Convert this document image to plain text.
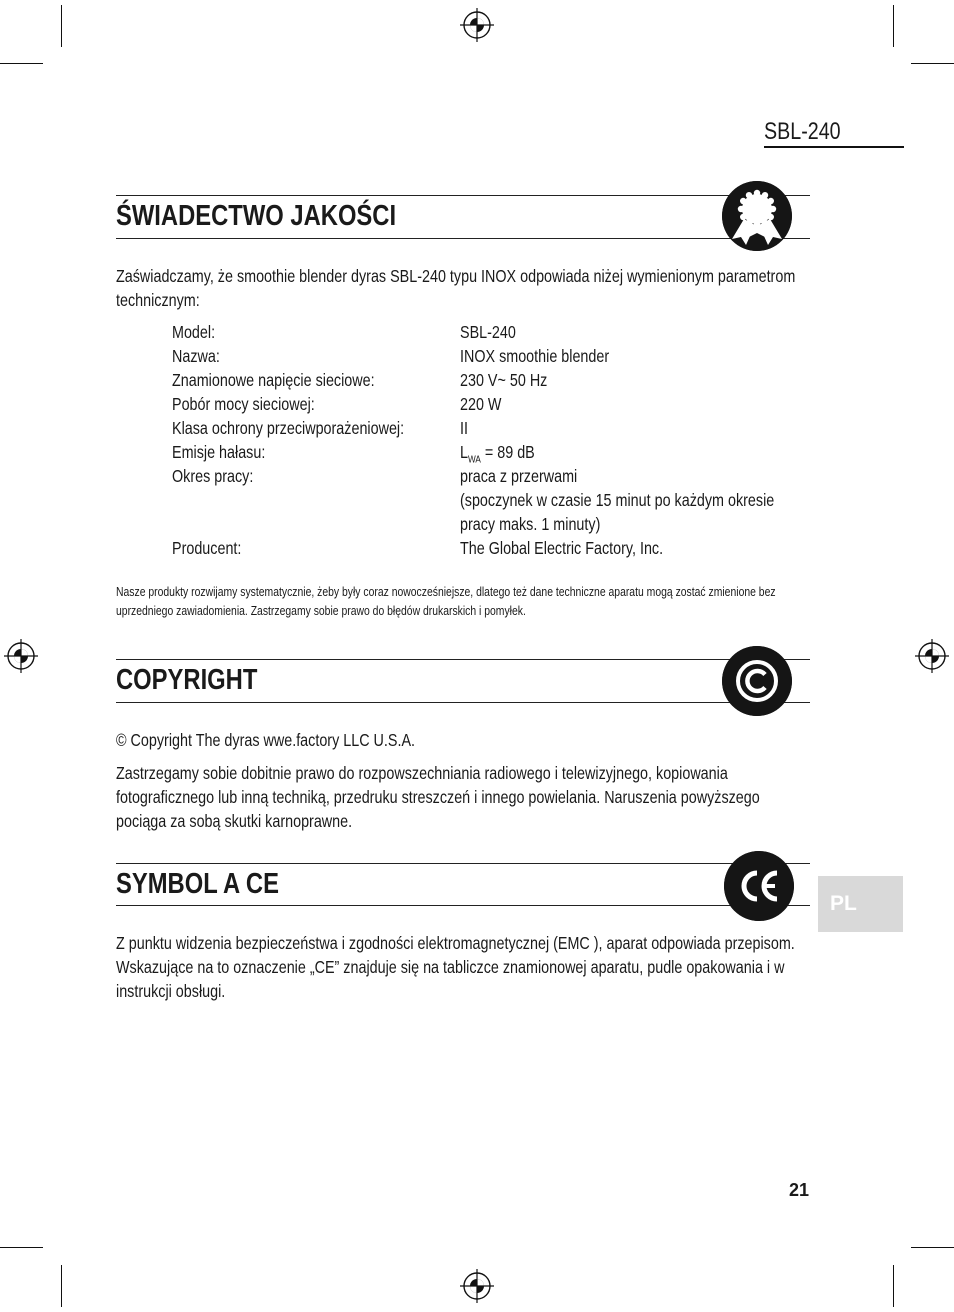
SBL-240
ŚWIADECTWO JAKOŚCI
Zaświadczamy, że smoothie blender dyras SBL-240 typu INOX odpowiada niżej wymienionym parametrom technicznym:
Model:	SBL-240
Nazwa:	INOX smoothie blender
Znamionowe napięcie sieciowe:	230 V~ 50 Hz
Pobór mocy sieciowej:	220 W
Klasa ochrony przeciwporażeniowej:	II
Emisje hałasu:	$L_{WA} = 89$ dB
Okres pracy:	praca z przerwami
(spoczynek w czasie 15 minut po każdym okresie
pracy maks. 1 minuty)
Producent:	The Global Electric Factory, Inc.
Nasze produkty rozwijamy systematycznie, żeby były coraz nowocześniejsze, dlatego też dane techniczne aparatu mogą zostać zmienione bez uprzedniego zawiadomienia. Zastrzegamy sobie prawo do błędów drukarskich i pomyłek.
COPYRIGHT
© Copyright The dyras wwe.factory LLC U.S.A.
Zastrzegamy sobie dobitnie prawo do rozpowszechniania radiowego i telewizyjnego, kopiowania fotograficznego lub inną techniką, przedruku streszczeń i innego powielania. Naruszenia powyższego pociąga za sobą skutki karnoprawne.
SYMBOL A CE
Z punktu widzenia bezpieczeństwa i zgodności elektromagnetycznej (EMC ), aparat odpowiada przepisom. Wskazujące na to oznaczenie „CE” znajduje się na tabliczce znamionowej aparatu, pudle opakowania i w instrukcji obsługi.
PL
21
